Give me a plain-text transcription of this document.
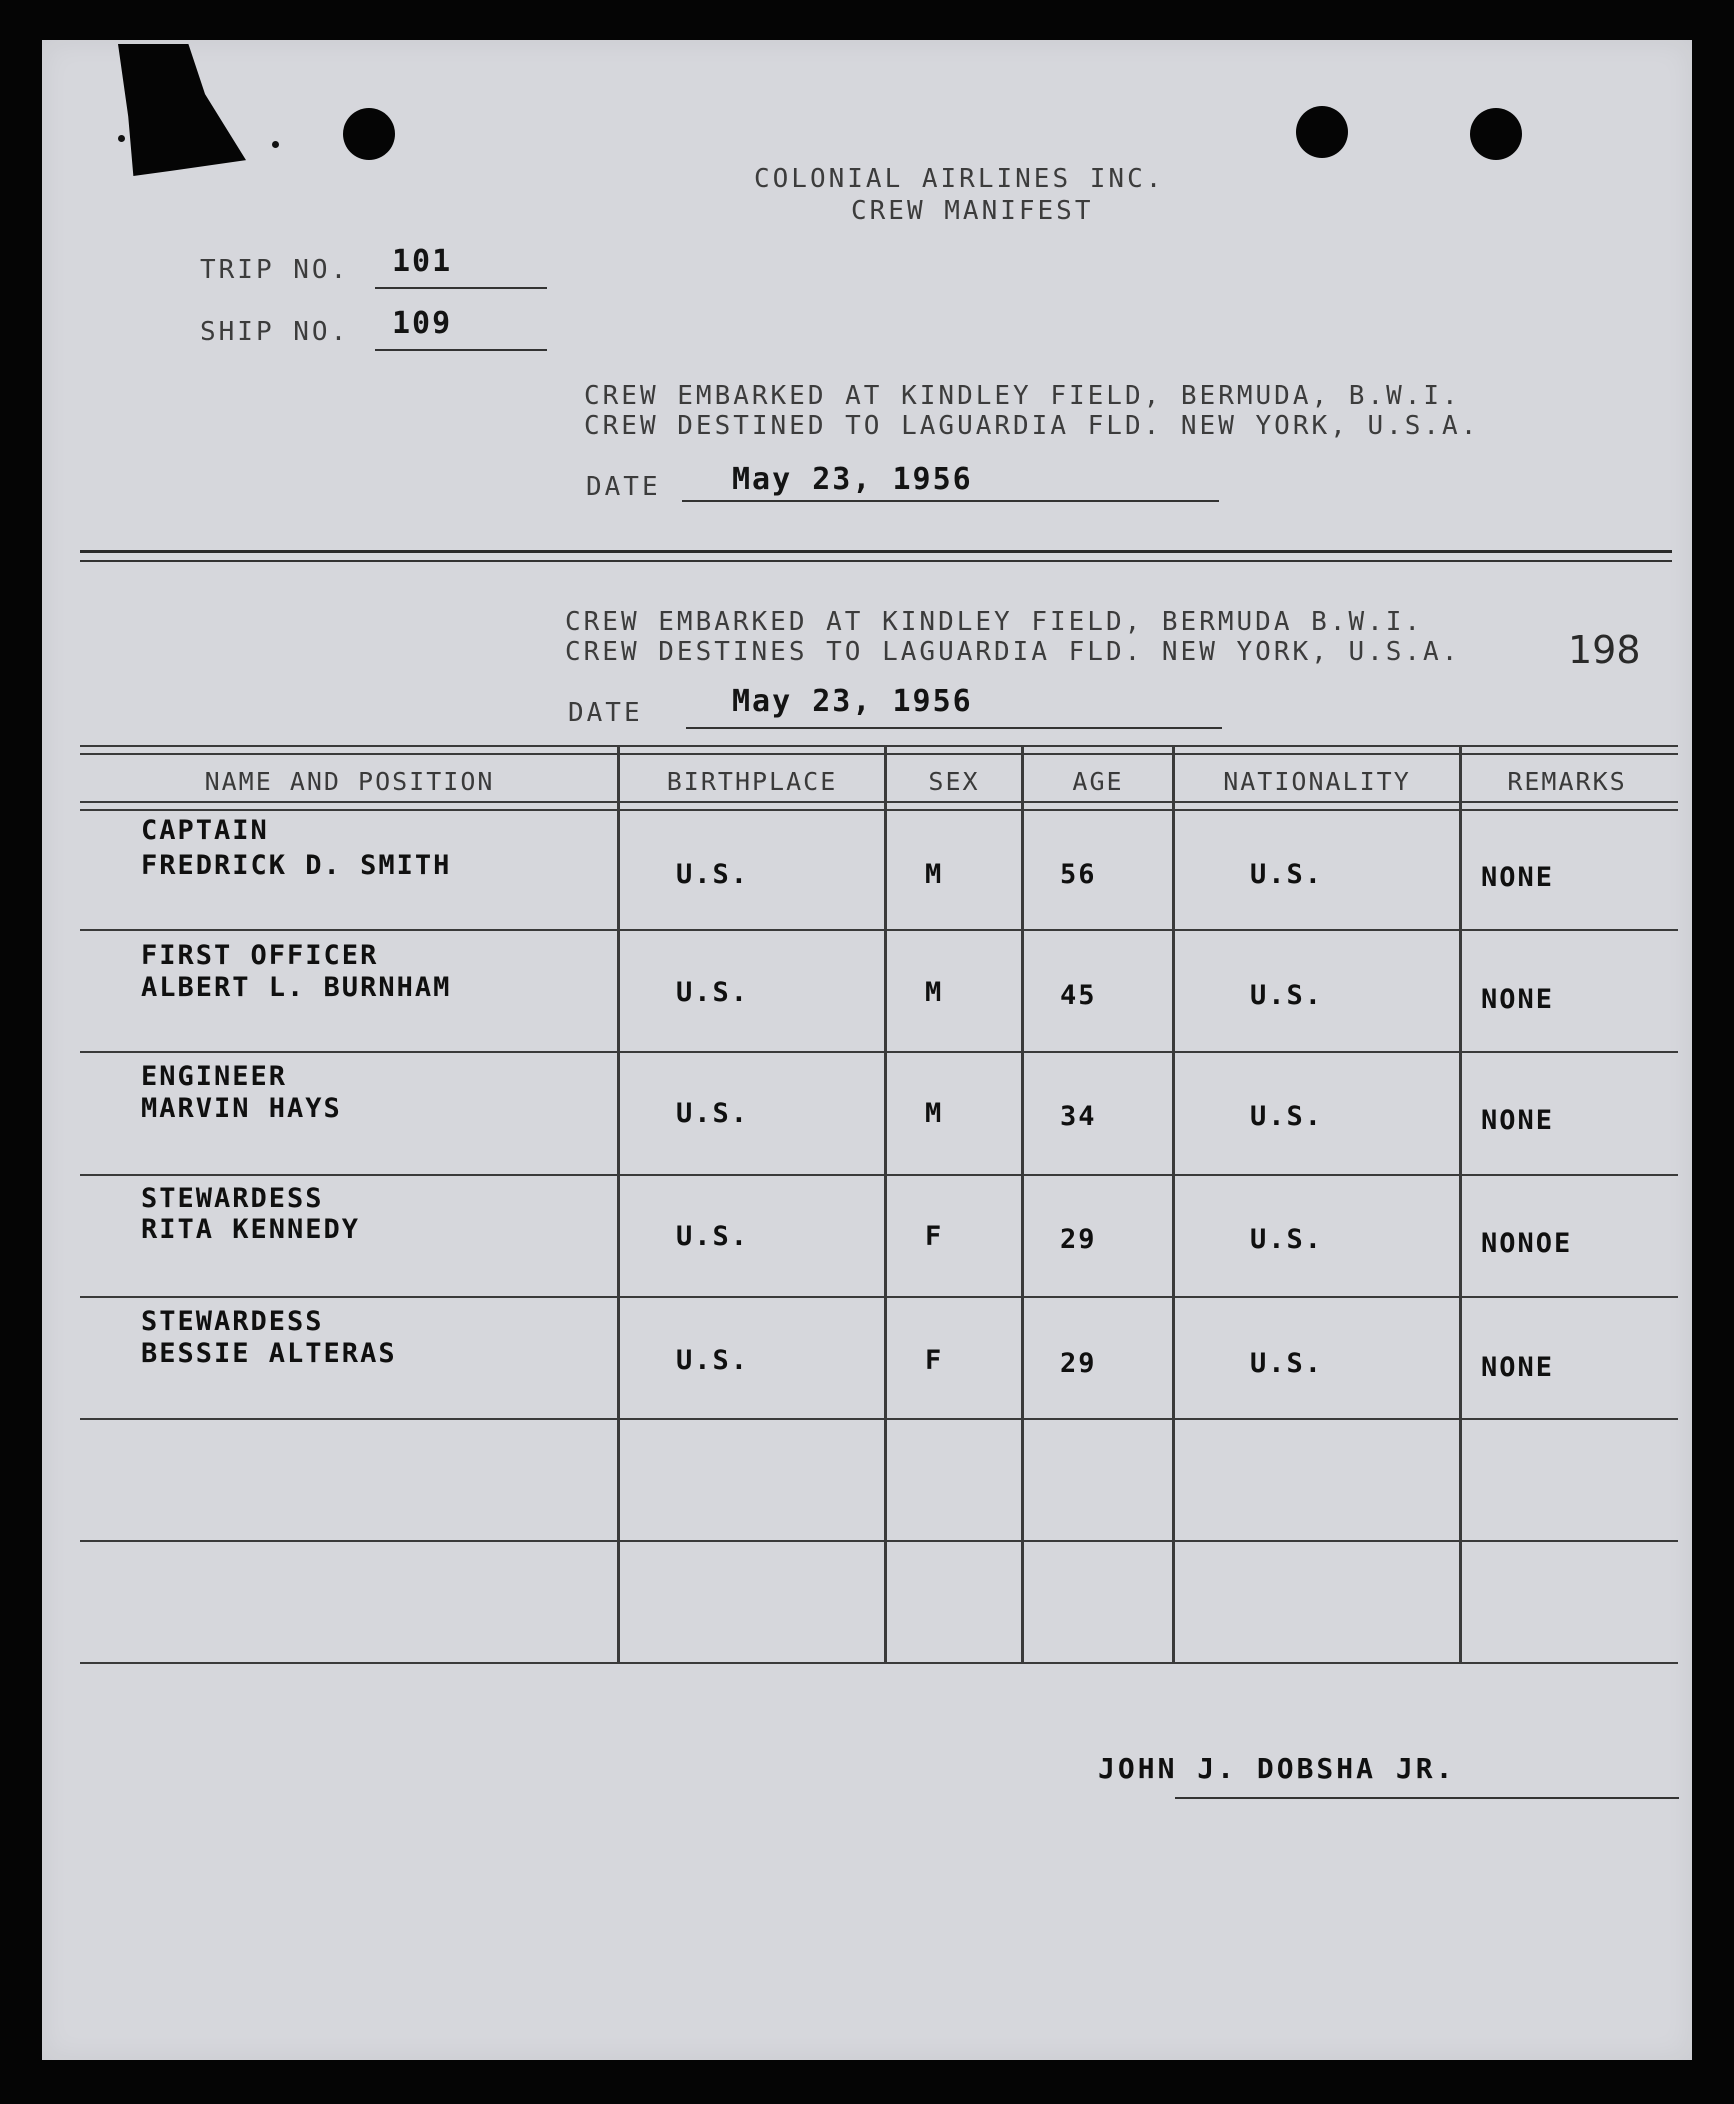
COLONIAL AIRLINES INC.
CREW MANIFEST
TRIP NO. 101
SHIP NO. 109
CREW EMBARKED AT KINDLEY FIELD, BERMUDA, B.W.I.
CREW DESTINED TO LAGUARDIA FLD. NEW YORK, U.S.A.
DATE May 23, 1956
CREW EMBARKED AT KINDLEY FIELD, BERMUDA B.W.I.
CREW DESTINES TO LAGUARDIA FLD. NEW YORK, U.S.A.	198
DATE	May 23, 1956
NAME AND POSITION	BIRTHPLACE	SEX	AGE	NATIONALITY	REMARKS
CAPTAIN
FREDRICK D. SMITH	U.S.	M	56	U.S.	NONE
FIRST OFFICER
ALBERT L. BURNHAM	U.S.	M	45	U.S.	NONE
ENGINEER
MARVIN HAYS	U.S.	M	34	U.S.	NONE
STEWARDESS
RITA KENNEDY	U.S.	F	29	U.S.	NONOE
STEWARDESS
BESSIE ALTERAS	U.S.	F	29	U.S.	NONE
JOHN J. DOBSHA JR.
